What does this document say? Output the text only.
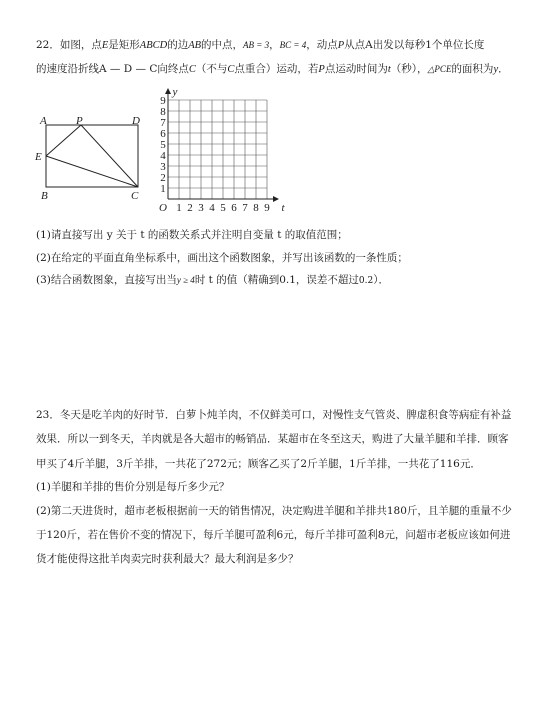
22．如图，点E是矩形ABCD的边AB的中点，AB = 3，BC = 4，动点P从点A出发以每秒1个单位长度
的速度沿折线A — D — C向终点C（不与C点重合）运动，若P点运动时间为t（秒），△PCE的面积为y．
A	P	D
E
B	C
1 2 3 4 5 6 7 8 9
1
2
3
4
5
6
7
8
9
O	t
y
(1)请直接写出 y 关于 t 的函数关系式并注明自变量 t 的取值范围；
(2)在给定的平面直角坐标系中，画出这个函数图象，并写出该函数的一条性质；
(3)结合函数图象，直接写出当y ≥ 4时 t 的值（精确到0.1，误差不超过0.2）．
23．冬天是吃羊肉的好时节．白萝卜炖羊肉，不仅鲜美可口，对慢性支气管炎、脾虚积食等病症有补益
效果．所以一到冬天，羊肉就是各大超市的畅销品．某超市在冬至这天，购进了大量羊腿和羊排．顾客
甲买了4斤羊腿，3斤羊排，一共花了272元；顾客乙买了2斤羊腿，1斤羊排，一共花了116元．
(1)羊腿和羊排的售价分别是每斤多少元？
(2)第二天进货时，超市老板根据前一天的销售情况，决定购进羊腿和羊排共180斤，且羊腿的重量不少
于120斤，若在售价不变的情况下，每斤羊腿可盈利6元，每斤羊排可盈利8元，问超市老板应该如何进
货才能使得这批羊肉卖完时获利最大？最大利润是多少？
